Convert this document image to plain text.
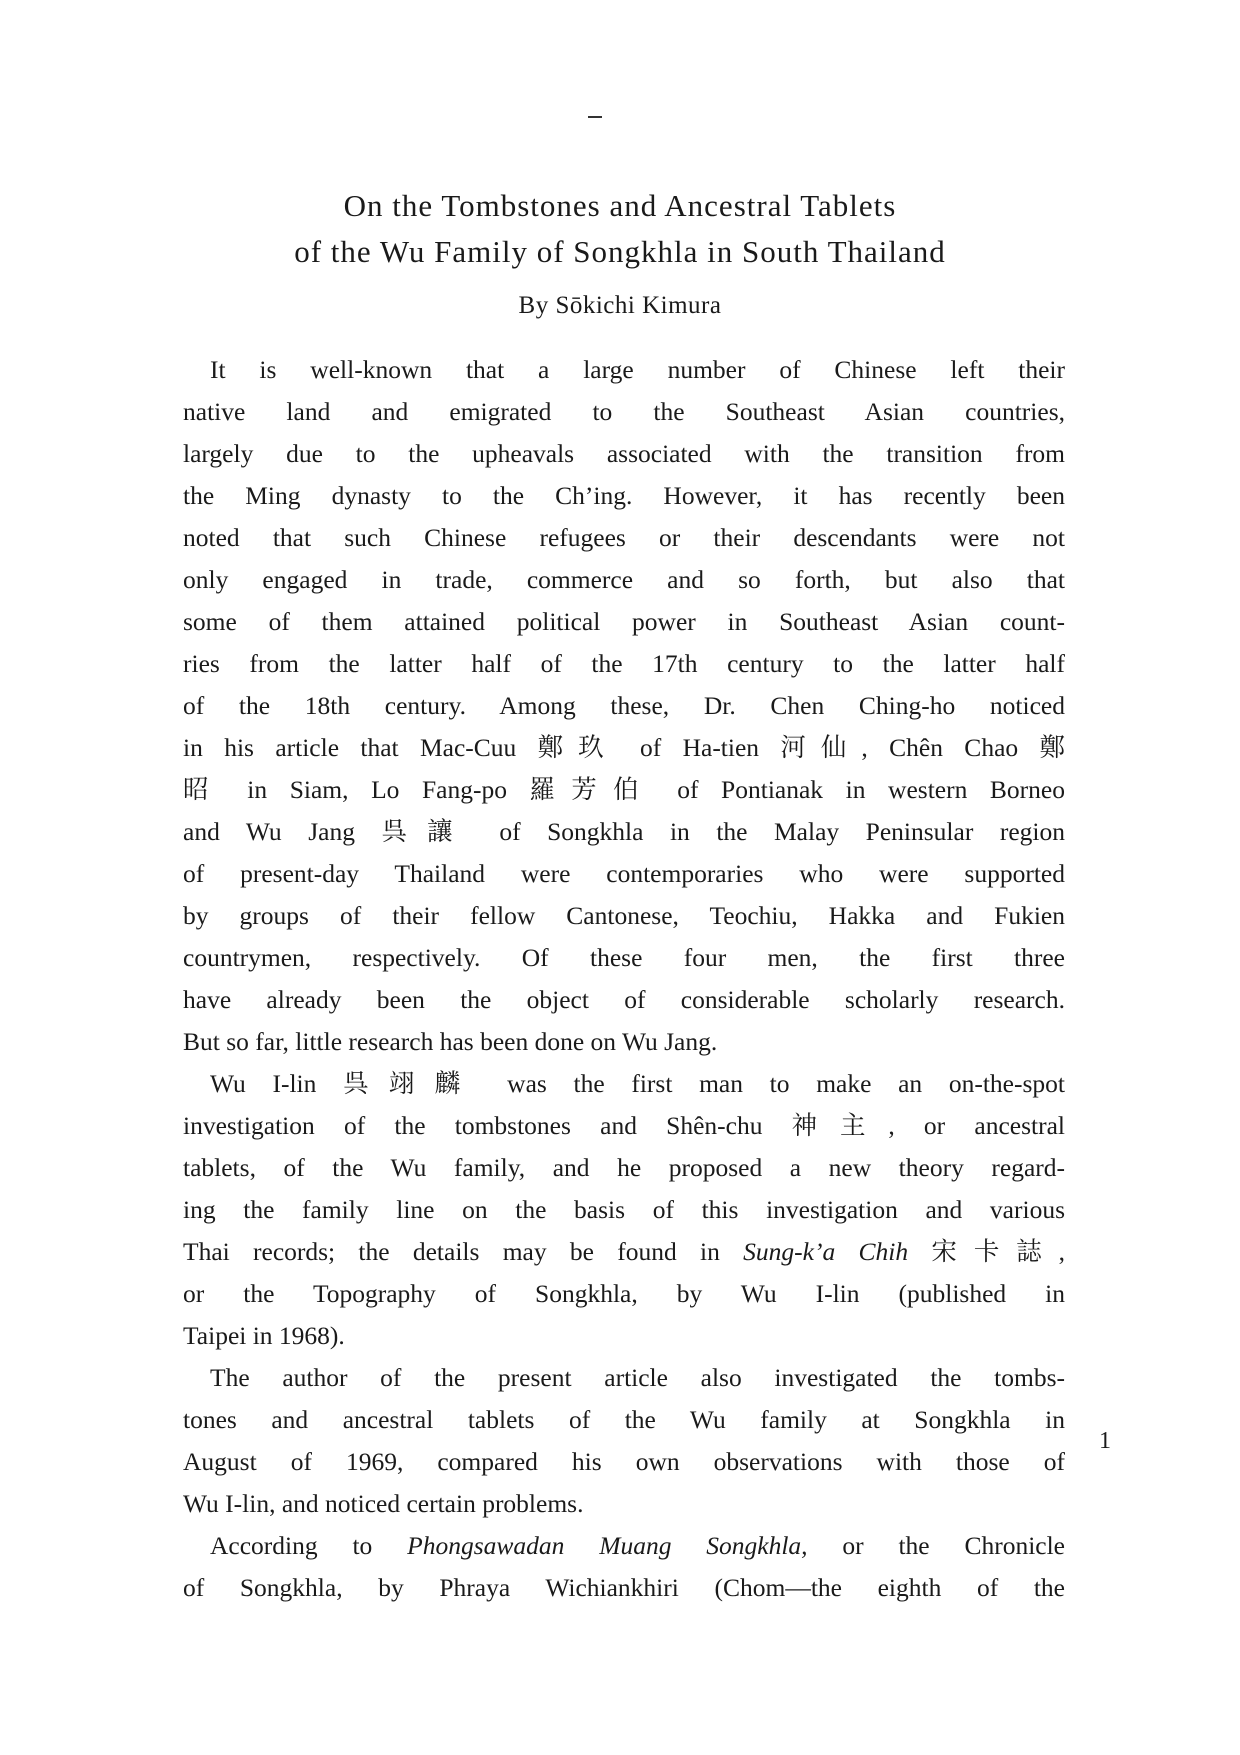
On the Tombstones and Ancestral Tablets
of the Wu Family of Songkhla in South Thailand
By Sōkichi Kimura
It is well-known that a large number of Chinese left their
native land and emigrated to the Southeast Asian countries,
largely due to the upheavals associated with the transition from
the Ming dynasty to the Ch’ing. However, it has recently been
noted that such Chinese refugees or their descendants were not
only engaged in trade, commerce and so forth, but also that
some of them attained political power in Southeast Asian count-
ries from the latter half of the 17th century to the latter half
of the 18th century. Among these, Dr. Chen Ching-ho noticed
in his article that Mac-Cuu 鄭玖 of Ha-tien 河仙, Chên Chao 鄭
昭 in Siam, Lo Fang-po 羅芳伯 of Pontianak in western Borneo
and Wu Jang 呉讓 of Songkhla in the Malay Peninsular region
of present-day Thailand were contemporaries who were supported
by groups of their fellow Cantonese, Teochiu, Hakka and Fukien
countrymen, respectively. Of these four men, the first three
have already been the object of considerable scholarly research.
But so far, little research has been done on Wu Jang.
Wu I-lin 呉翊麟 was the first man to make an on-the-spot
investigation of the tombstones and Shên-chu 神主, or ancestral
tablets, of the Wu family, and he proposed a new theory regard-
ing the family line on the basis of this investigation and various
Thai records; the details may be found in Sung-k’a Chih 宋卡誌,
or the Topography of Songkhla, by Wu I-lin (published in
Taipei in 1968).
The author of the present article also investigated the tombs-
tones and ancestral tablets of the Wu family at Songkhla in
August of 1969, compared his own observations with those of
Wu I-lin, and noticed certain problems.
According to Phongsawadan Muang Songkhla, or the Chronicle
of Songkhla, by Phraya Wichiankhiri (Chom—the eighth of the
1
